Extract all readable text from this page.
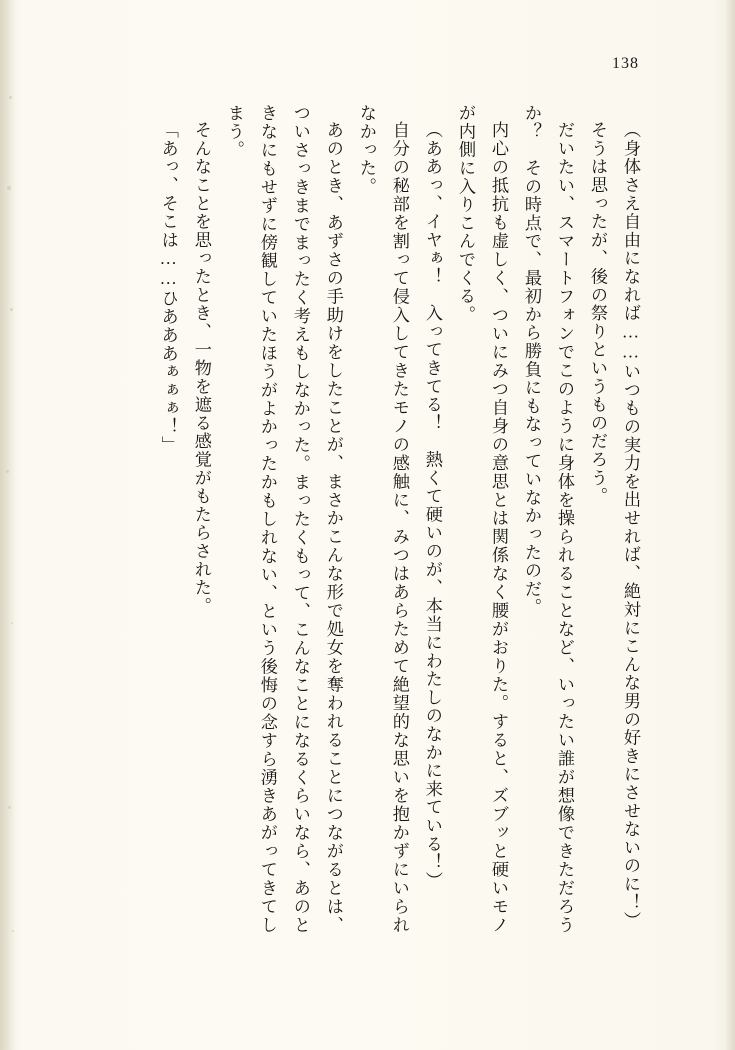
138

（身体さえ自由になれば……いつもの実力を出せれば、絶対にこんな男の好きにさせないのに！）

そうは思ったが、後の祭りというものだろう。

だいたい、スマートフォンでこのように身体を操られることなど、いったい誰が想像できただろうか？　その時点で、最初から勝負にもなっていなかったのだ。

内心の抵抗も虚しく、ついにみつ自身の意思とは関係なく腰がおりた。すると、ズブッと硬いモノが内側に入りこんでくる。

（ああっ、イヤぁ！　入ってきてる！　熱くて硬いのが、本当にわたしのなかに来ている！）

自分の秘部を割って侵入してきたモノの感触に、みつはあらためて絶望的な思いを抱かずにいられなかった。

あのとき、あずさの手助けをしたことが、まさかこんな形で処女を奪われることにつながるとは、ついさっきまでまったく考えもしなかった。まったくもって、こんなことになるくらいなら、あのときなにもせずに傍観していたほうがよかったかもしれない、という後悔の念すら湧きあがってきてしまう。

そんなことを思ったとき、一物を遮る感覚がもたらされた。

「あっ、そこは……ひあああぁぁぁ！」
